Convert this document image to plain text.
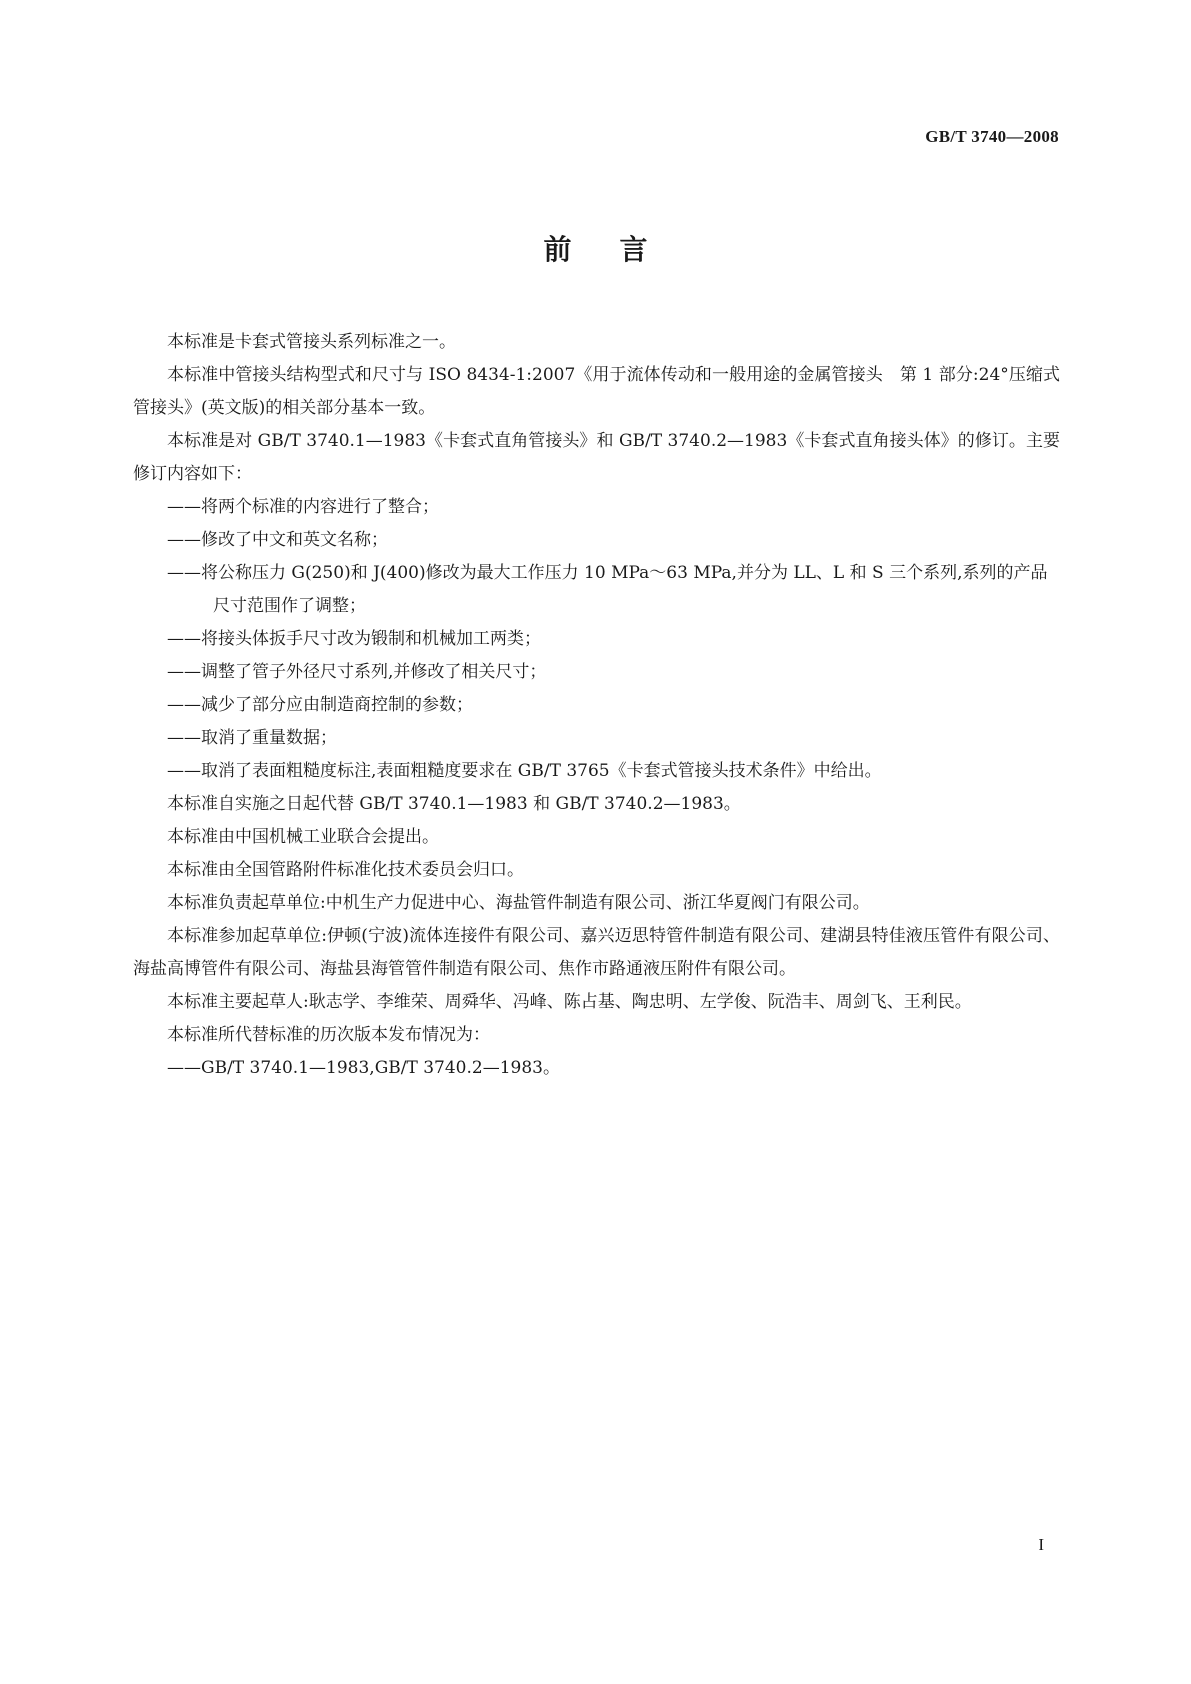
GB/T 3740—2008
前言

本标准是卡套式管接头系列标准之一。

本标准中管接头结构型式和尺寸与 ISO 8434-1:2007《用于流体传动和一般用途的金属管接头　第 1 部分:24°压缩式管接头》(英文版)的相关部分基本一致。

本标准是对 GB/T 3740.1—1983《卡套式直角管接头》和 GB/T 3740.2—1983《卡套式直角接头体》的修订。主要修订内容如下：

——将两个标准的内容进行了整合；

——修改了中文和英文名称；

——将公称压力 G(250)和 J(400)修改为最大工作压力 10 MPa～63 MPa,并分为 LL、L 和 S 三个系列,系列的产品尺寸范围作了调整；

——将接头体扳手尺寸改为锻制和机械加工两类；

——调整了管子外径尺寸系列,并修改了相关尺寸；

——减少了部分应由制造商控制的参数；

——取消了重量数据；

——取消了表面粗糙度标注,表面粗糙度要求在 GB/T 3765《卡套式管接头技术条件》中给出。

本标准自实施之日起代替 GB/T 3740.1—1983 和 GB/T 3740.2—1983。

本标准由中国机械工业联合会提出。

本标准由全国管路附件标准化技术委员会归口。

本标准负责起草单位:中机生产力促进中心、海盐管件制造有限公司、浙江华夏阀门有限公司。

本标准参加起草单位:伊顿(宁波)流体连接件有限公司、嘉兴迈思特管件制造有限公司、建湖县特佳液压管件有限公司、海盐高博管件有限公司、海盐县海管管件制造有限公司、焦作市路通液压附件有限公司。

本标准主要起草人:耿志学、李维荣、周舜华、冯峰、陈占基、陶忠明、左学俊、阮浩丰、周剑飞、王利民。

本标准所代替标准的历次版本发布情况为：

——GB/T 3740.1—1983,GB/T 3740.2—1983。

I
